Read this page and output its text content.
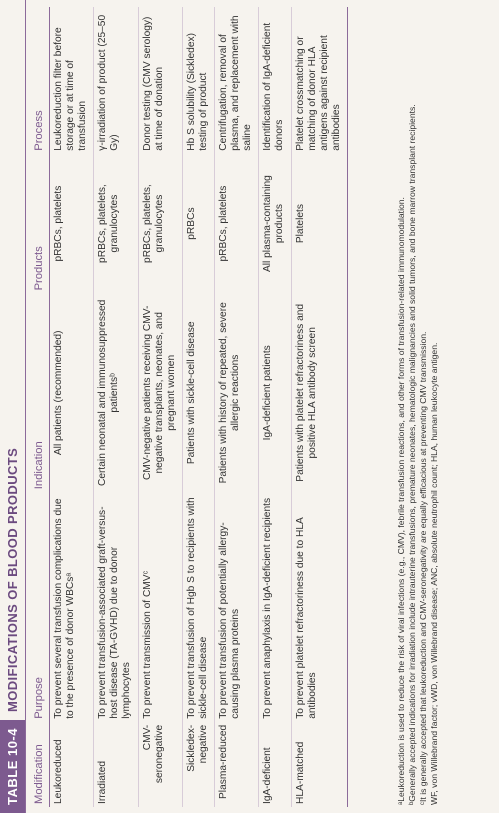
TABLE 10-4
MODIFICATIONS OF BLOOD PRODUCTS
Modification	Purpose	Indication	Products	Process
Leukoreduced	To prevent several transfusion complications due to the presence of donor WBCsᵃ	All patients (recommended)	pRBCs, platelets	Leukoreduction filter before storage or at time of transfusion
Irradiated	To prevent transfusion-associated graft-versus-host disease (TA-GVHD) due to donor lymphocytes	Certain neonatal and immunosuppressed patientsᵇ	pRBCs, platelets, granulocytes	γ-irradiation of product (25–50 Gy)
CMV-seronegative	To prevent transmission of CMVᶜ	CMV-negative patients receiving CMV-negative transplants, neonates, and pregnant women	pRBCs, platelets, granulocytes	Donor testing (CMV serology) at time of donation
Sickledex-negative	To prevent transfusion of Hgb S to recipients with sickle-cell disease	Patients with sickle-cell disease	pRBCs	Hb S solubility (Sickledex) testing of product
Plasma-reduced	To prevent transfusion of potentially allergy-causing plasma proteins	Patients with history of repeated, severe allergic reactions	pRBCs, platelets	Centrifugation, removal of plasma, and replacement with saline
IgA-deficient	To prevent anaphylaxis in IgA-deficient recipients	IgA-deficient patients	All plasma-containing products	Identification of IgA-deficient donors
HLA-matched	To prevent platelet refractoriness due to HLA antibodies	Patients with platelet refractoriness and positive HLA antibody screen	Platelets	Platelet crossmatching or matching of donor HLA antigens against recipient antibodies

ᵃLeukoreduction is used to reduce the risk of viral infections (e.g., CMV), febrile transfusion reactions, and other forms of transfusion-related immunomodulation. ᵇGenerally accepted indications for irradiation include intrauterine transfusions, premature neonates, hematologic malignancies and solid tumors, and bone marrow transplant recipients. ᶜIt is generally accepted that leukoreduction and CMV-seronegativity are equally efficacious at preventing CMV transmission. WF, von Willebrand factor; vWD, von Willebrand disease; ANC, absolute neutrophil count; HLA, human leukocyte antigen.
